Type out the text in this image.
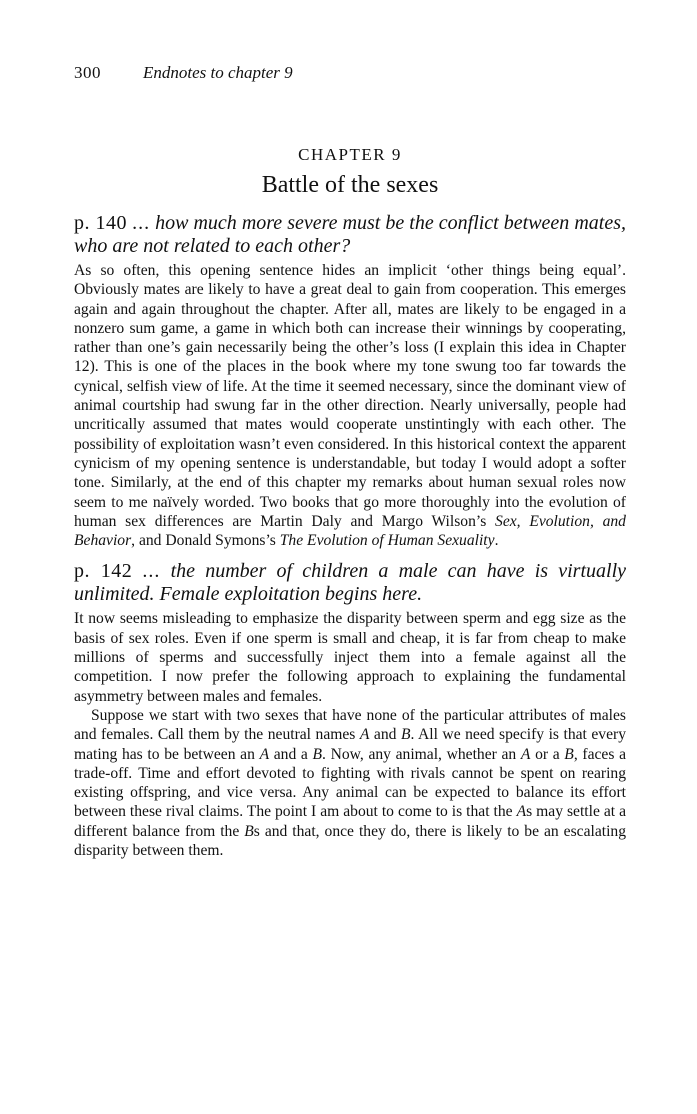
300 Endnotes to chapter 9
CHAPTER 9
Battle of the sexes
p. 140 ... how much more severe must be the conflict between mates, who are not related to each other?

As so often, this opening sentence hides an implicit ‘other things being equal’. Obviously mates are likely to have a great deal to gain from cooperation. This emerges again and again throughout the chapter. After all, mates are likely to be engaged in a nonzero sum game, a game in which both can increase their winnings by cooperating, rather than one’s gain necessarily being the other’s loss (I explain this idea in Chapter 12). This is one of the places in the book where my tone swung too far towards the cynical, selfish view of life. At the time it seemed necessary, since the dominant view of animal courtship had swung far in the other direction. Nearly universally, people had uncritically assumed that mates would cooperate unstintingly with each other. The possibility of exploitation wasn’t even considered. In this historical context the apparent cynicism of my opening sentence is understandable, but today I would adopt a softer tone. Similarly, at the end of this chapter my remarks about human sexual roles now seem to me naïvely worded. Two books that go more thoroughly into the evolution of human sex differences are Martin Daly and Margo Wilson’s Sex, Evolution, and Behavior, and Donald Symons’s The Evolution of Human Sexuality.

p. 142 ... the number of children a male can have is virtually unlimited. Female exploitation begins here.

It now seems misleading to emphasize the disparity between sperm and egg size as the basis of sex roles. Even if one sperm is small and cheap, it is far from cheap to make millions of sperms and successfully inject them into a female against all the competition. I now prefer the following approach to explaining the fundamental asymmetry between males and females.

Suppose we start with two sexes that have none of the particular attributes of males and females. Call them by the neutral names A and B. All we need specify is that every mating has to be between an A and a B. Now, any animal, whether an A or a B, faces a trade-off. Time and effort devoted to fighting with rivals cannot be spent on rearing existing offspring, and vice versa. Any animal can be expected to balance its effort between these rival claims. The point I am about to come to is that the As may settle at a different balance from the Bs and that, once they do, there is likely to be an escalating disparity between them.
